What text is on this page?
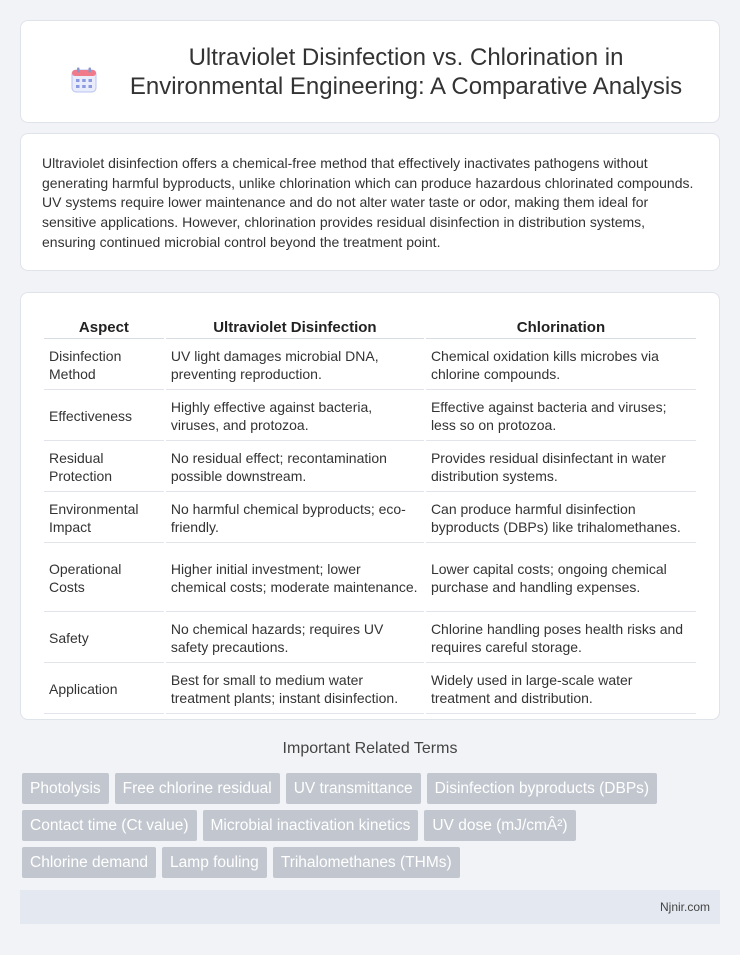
Ultraviolet Disinfection vs. Chlorination in Environmental Engineering: A Comparative Analysis

Ultraviolet disinfection offers a chemical-free method that effectively inactivates pathogens without generating harmful byproducts, unlike chlorination which can produce hazardous chlorinated compounds. UV systems require lower maintenance and do not alter water taste or odor, making them ideal for sensitive applications. However, chlorination provides residual disinfection in distribution systems, ensuring continued microbial control beyond the treatment point.

Aspect	Ultraviolet Disinfection	Chlorination
Disinfection Method	UV light damages microbial DNA, preventing reproduction.	Chemical oxidation kills microbes via chlorine compounds.
Effectiveness	Highly effective against bacteria, viruses, and protozoa.	Effective against bacteria and viruses; less so on protozoa.
Residual Protection	No residual effect; recontamination possible downstream.	Provides residual disinfectant in water distribution systems.
Environmental Impact	No harmful chemical byproducts; eco-friendly.	Can produce harmful disinfection byproducts (DBPs) like trihalomethanes.
Operational Costs	Higher initial investment; lower chemical costs; moderate maintenance.	Lower capital costs; ongoing chemical purchase and handling expenses.
Safety	No chemical hazards; requires UV safety precautions.	Chlorine handling poses health risks and requires careful storage.
Application	Best for small to medium water treatment plants; instant disinfection.	Widely used in large-scale water treatment and distribution.
Important Related Terms
Photolysis Free chlorine residual UV transmittance Disinfection byproducts (DBPs)
Contact time (Ct value) Microbial inactivation kinetics UV dose (mJ/cmÂ²)
Chlorine demand Lamp fouling Trihalomethanes (THMs)
Njnir.com
